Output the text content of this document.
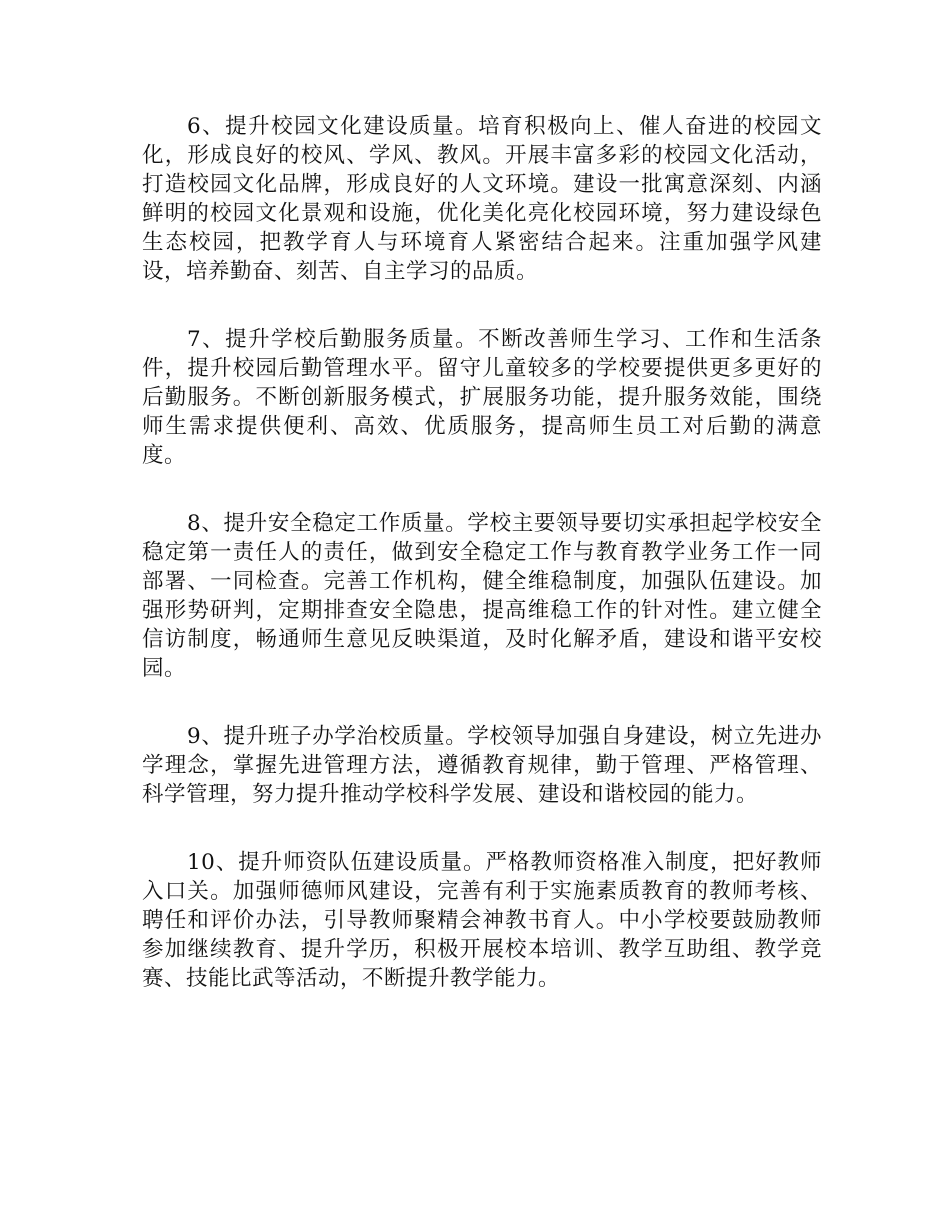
6、提升校园文化建设质量。培育积极向上、催人奋进的校园文化，形成良好的校风、学风、教风。开展丰富多彩的校园文化活动，打造校园文化品牌，形成良好的人文环境。建设一批寓意深刻、内涵鲜明的校园文化景观和设施，优化美化亮化校园环境，努力建设绿色生态校园，把教学育人与环境育人紧密结合起来。注重加强学风建设，培养勤奋、刻苦、自主学习的品质。

7、提升学校后勤服务质量。不断改善师生学习、工作和生活条件，提升校园后勤管理水平。留守儿童较多的学校要提供更多更好的后勤服务。不断创新服务模式，扩展服务功能，提升服务效能，围绕师生需求提供便利、高效、优质服务，提高师生员工对后勤的满意度。

8、提升安全稳定工作质量。学校主要领导要切实承担起学校安全稳定第一责任人的责任，做到安全稳定工作与教育教学业务工作一同部署、一同检查。完善工作机构，健全维稳制度，加强队伍建设。加强形势研判，定期排查安全隐患，提高维稳工作的针对性。建立健全信访制度，畅通师生意见反映渠道，及时化解矛盾，建设和谐平安校园。

9、提升班子办学治校质量。学校领导加强自身建设，树立先进办学理念，掌握先进管理方法，遵循教育规律，勤于管理、严格管理、科学管理，努力提升推动学校科学发展、建设和谐校园的能力。

10、提升师资队伍建设质量。严格教师资格准入制度，把好教师入口关。加强师德师风建设，完善有利于实施素质教育的教师考核、聘任和评价办法，引导教师聚精会神教书育人。中小学校要鼓励教师参加继续教育、提升学历，积极开展校本培训、教学互助组、教学竞赛、技能比武等活动，不断提升教学能力。
